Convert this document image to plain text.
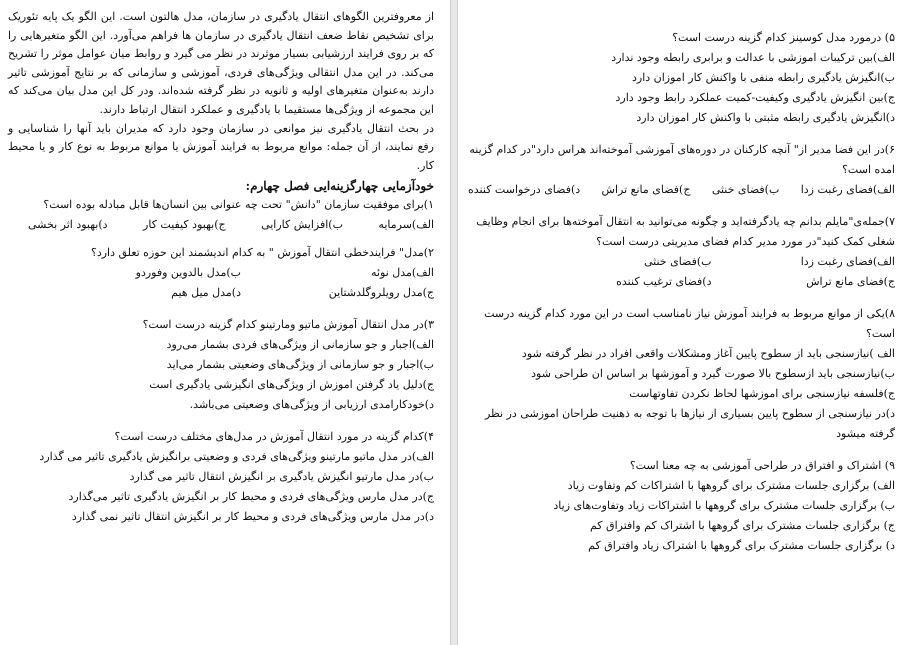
از معروفترین الگوهای انتقال یادگیری در سازمان، مدل هالتون است. این الگو یک پایه تئوریک برای تشخیص نقاط ضعف انتقال یادگیری در سازمان ها فراهم می‌آورد. این الگو متغیرهایی را که بر روی فرایند ارزشیابی بسیار موثرند در نظر می گیرد و روابط میان عوامل موثر را تشریح می‌کند. در این مدل انتقالی ویژگی‌های فردی، آموزشی و سازمانی که بر نتایج آموزشی تاثیر دارند به‌عنوان متغیرهای اولیه و ثانویه در نظر گرفته شده‌اند. ودر کل این مدل بیان می‌کند که این مجموعه از ویژگی‌ها مستقیما با یادگیری و عملکرد انتقال ارتباط دارند.

در بحث انتقال یادگیری نیز موانعی در سازمان وجود دارد که مدیران باید آنها را شناسایی و رفع نمایند، از آن جمله: موانع مربوط به فرایند آموزش یا موانع مربوط به نوع کار و یا محیط کار.

خودآزمایی چهارگزینه‌ایی فصل چهارم:
۱)برای موفقیت سازمان "دانش" تحت چه عنوانی بین انسان‌ها قابل مبادله بوده است؟
الف)سرمایه
ب)افزایش کارایی
ج)بهبود کیفیت کار
د)بهبود اثر بخشی
۲)مدل" فرایندخطی انتقال آموزش " به کدام اندیشمند این حوزه تعلق دارد؟
الف)مدل نوئه
ب)مدل بالدوین وفوردو
ج)مدل رویلروگلدشتاین
د)مدل میل هیم
۳)در مدل انتقال آموزش ماتیو ومارتینو کدام گزینه درست است؟
الف)اجبار و جو سازمانی از ویژگی‌های فردی بشمار می‌رود
ب)اجبار و جو سازمانی از ویژگی‌های وضعیتی بشمار می‌اید
ج)دلیل یاد گرفتن اموزش از ویژگی‌های انگیزشی یادگیری است
د)خودکارامدی ارزیابی از ویژگی‌های وضعیتی می‌باشد.
۴)کدام گزینه در مورد انتقال آموزش در مدل‌های مختلف درست است؟
الف)در مدل ماتیو مارتینو ویژگی‌های فردی و وضعیتی برانگیزش یادگیری تاثیر می گذارد
ب)در مدل مارتیو انگیزش یادگیری بر انگیزش انتقال تاثیر می گذارد
ج)در مدل مارس ویژگی‌های فردی و محیط کار بر انگیزش یادگیری تاثیر می‌گذارد
د)در مدل مارس ویژگی‌های فردی و محیط کار بر انگیزش انتقال تاثیر نمی گذارد
۵) درمورد مدل کوسینز کدام گزینه درست است؟
الف)بین ترکیبات اموزشی با عدالت و برابری رابطه وجود ندارد
ب)انگیزش یادگیری رابطه منفی با واکنش کار اموزان دارد
ج)بین انگیزش یادگیری وکیفیت-کمیت عملکرد رابط وجود دارد
د)انگیزش یادگیری رابطه مثبتی با واکنش کار اموزان دارد
۶)در این فضا مدیر از" آنچه کارکنان در دوره‌های آموزشی آموخته‌اند هراس دارد"در کدام گزینه امده است؟
الف)فضای رغبت زدا
ب)فضای خنثی
ج)فضای مانع تراش
د)فضای درخواست کننده
۷)جمله‌ی"مایلم بدانم چه یادگرفته‌اید و چگونه می‌توانید به انتقال آموخته‌ها برای انجام وظایف شغلی کمک کنید"در مورد مدیر کدام فضای مدیریتی درست است؟
الف)فضای رغبت زدا
ب)فضای خنثی
ج)فضای مانع تراش
د)فضای ترغیب کننده
۸)یکی از موانع مربوط به فرایند آموزش نیاز نامناسب است در این مورد کدام گزینه درست است؟
الف )نیازسنجی باید از سطوح پایین آغاز ومشکلات واقعی افراد در نظر گرفته شود
ب)نیازسنجی باید ازسطوح بالا صورت گیرد و آموزشها بر اساس ان طراحی شود
ج)فلسفه نیازسنجی برای اموزشها لحاظ نکردن تفاوتهاست
د)در نیازسنجی از سطوح پایین بسیاری از نیازها با توجه به ذهنیت طراحان اموزشی در نظر گرفته میشود
۹) اشتراک و افتراق در طراحی آموزشی به چه معنا است؟
الف) برگزاری جلسات مشترک برای گروهها با اشتراکات کم وتفاوت زیاد
ب) برگزاری جلسات مشترک برای گروهها با اشتراکات زیاد وتفاوت‌های زیاد
ج) برگزاری جلسات مشترک برای گروهها با اشتراک کم وافتراق کم
د) برگزاری جلسات مشترک برای گروهها با اشتراک زیاد وافتراق کم
